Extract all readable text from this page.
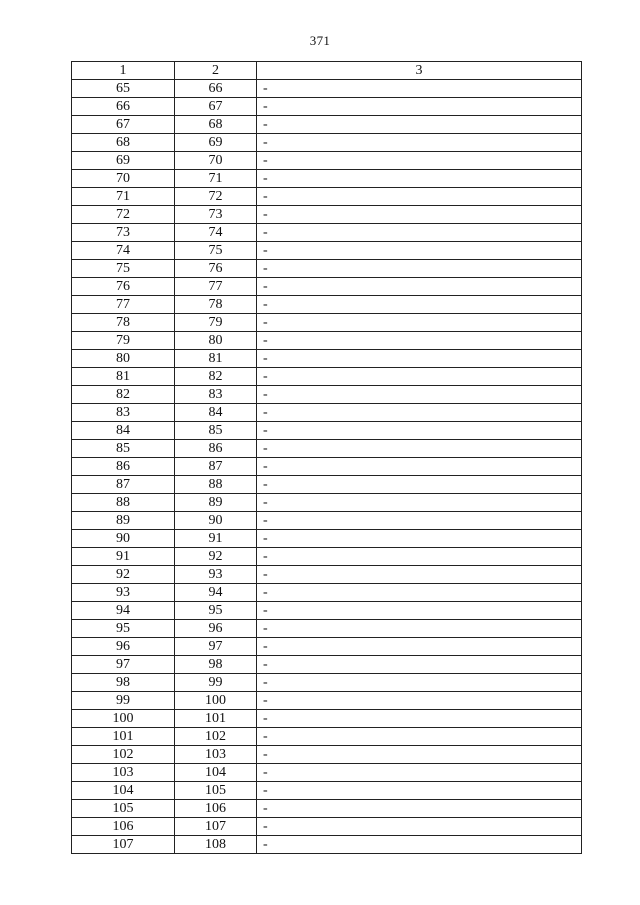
371
1	2	3
65	66	-
66	67	-
67	68	-
68	69	-
69	70	-
70	71	-
71	72	-
72	73	-
73	74	-
74	75	-
75	76	-
76	77	-
77	78	-
78	79	-
79	80	-
80	81	-
81	82	-
82	83	-
83	84	-
84	85	-
85	86	-
86	87	-
87	88	-
88	89	-
89	90	-
90	91	-
91	92	-
92	93	-
93	94	-
94	95	-
95	96	-
96	97	-
97	98	-
98	99	-
99	100	-
100	101	-
101	102	-
102	103	-
103	104	-
104	105	-
105	106	-
106	107	-
107	108	-
